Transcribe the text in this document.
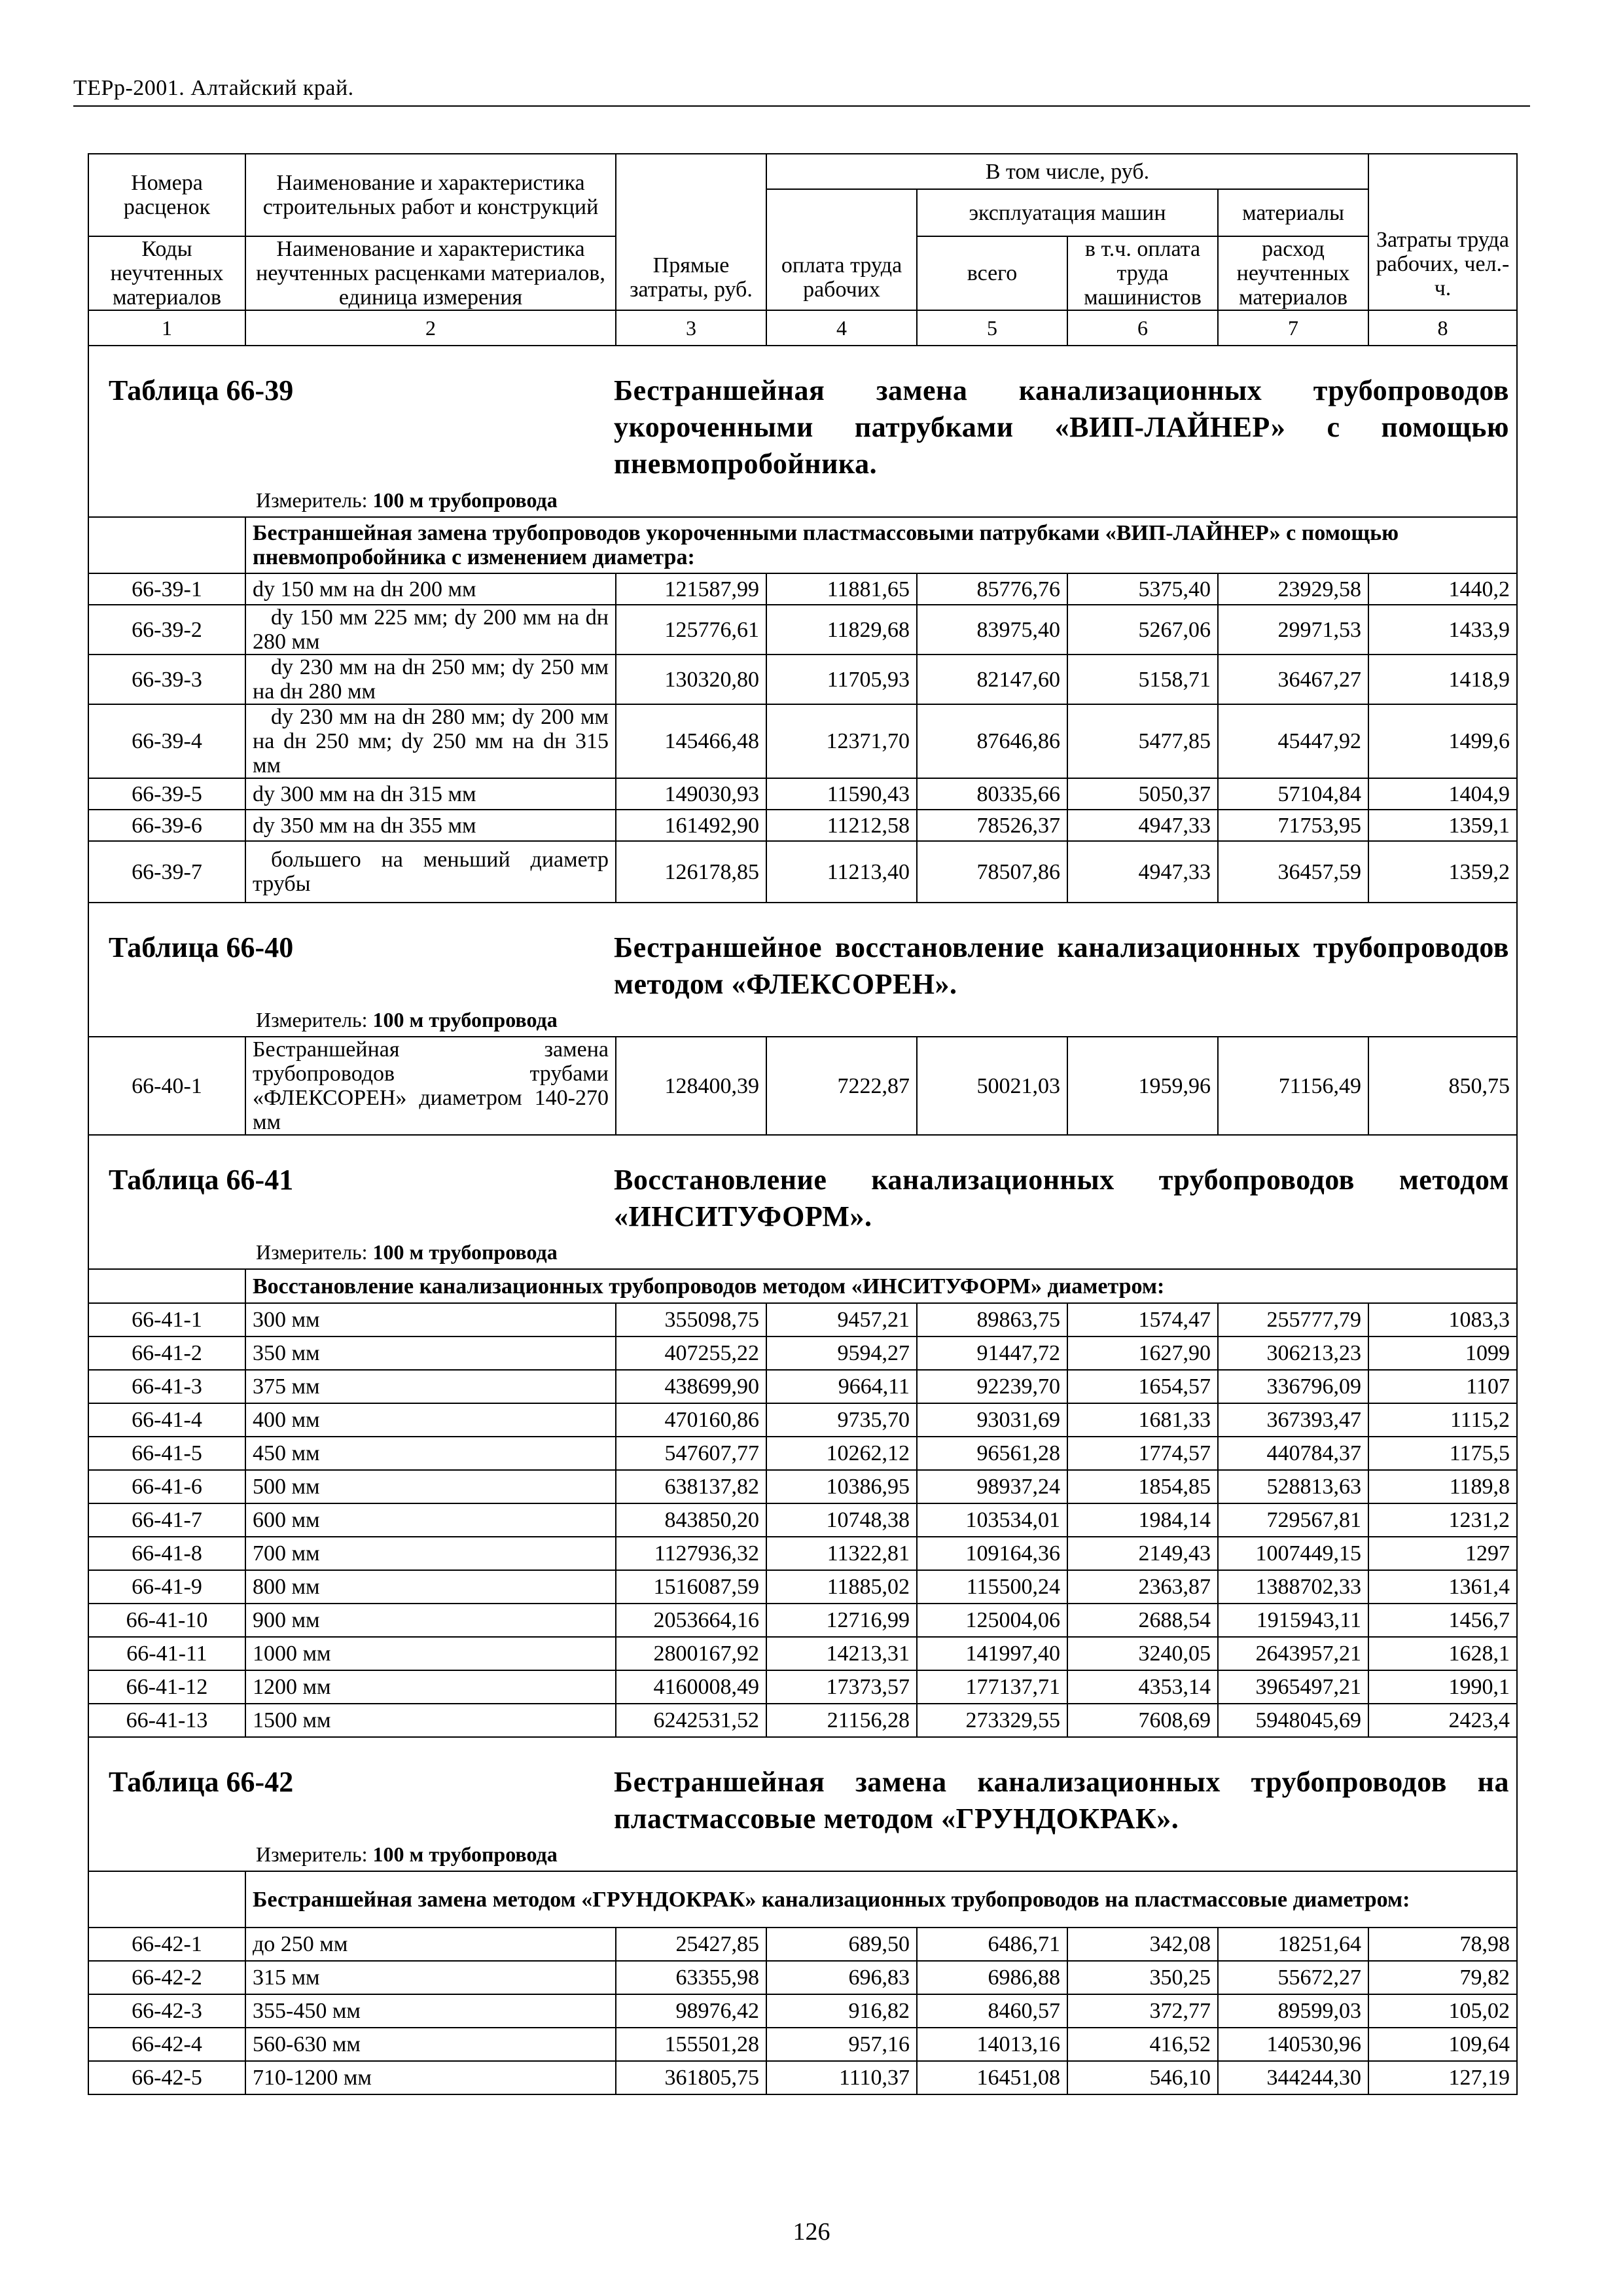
ТЕРр-2001. Алтайский край.
Номера расценок	Наименование и характеристика строительных работ и конструкций	Прямые затраты, руб.	В том числе, руб.				Затраты труда рабочих, чел.-ч.
			оплата труда рабочих	эксплуатация машин		материалы	
Коды неучтенных материалов	Наименование и характеристика неучтенных расценками материалов, единица измерения			всего	в т.ч. оплата труда машинистов	расход неучтенных материалов	
1	2	3	4	5	6	7	8

Таблица 66-39 Бестраншейная замена канализационных трубопроводов укороченными патрубками «ВИП-ЛАЙНЕР» с помощью пневмопробойника.
Измеритель: 100 м трубопровода							

	Бестраншейная замена трубопроводов укороченными пластмассовыми патрубками «ВИП-ЛАЙНЕР» с помощью пневмопробойника с изменением диаметра:						
66-39-1	dу 150 мм на dн 200 мм	121587,99	11881,65	85776,76	5375,40	23929,58	1440,2
66-39-2	dу 150 мм 225 мм; dу 200 мм на dн 280 мм	125776,61	11829,68	83975,40	5267,06	29971,53	1433,9
66-39-3	dу 230 мм на dн 250 мм; dу 250 мм на dн 280 мм	130320,80	11705,93	82147,60	5158,71	36467,27	1418,9
66-39-4	dу 230 мм на dн 280 мм; dу 200 мм на dн 250 мм; dу 250 мм на dн 315 мм	145466,48	12371,70	87646,86	5477,85	45447,92	1499,6
66-39-5	dу 300 мм на dн 315 мм	149030,93	11590,43	80335,66	5050,37	57104,84	1404,9
66-39-6	dу 350 мм на dн 355 мм	161492,90	11212,58	78526,37	4947,33	71753,95	1359,1
66-39-7	большего на меньший диаметр трубы	126178,85	11213,40	78507,86	4947,33	36457,59	1359,2

Таблица 66-40 Бестраншейное восстановление канализационных трубопроводов методом «ФЛЕКСОРЕН».
Измеритель: 100 м трубопровода							

66-40-1	Бестраншейная замена трубопроводов трубами «ФЛЕКСОРЕН» диаметром 140-270 мм	128400,39	7222,87	50021,03	1959,96	71156,49	850,75

Таблица 66-41 Восстановление канализационных трубопроводов методом «ИНСИТУФОРМ».
Измеритель: 100 м трубопровода							

	Восстановление канализационных трубопроводов методом «ИНСИТУФОРМ» диаметром:						
66-41-1	300 мм	355098,75	9457,21	89863,75	1574,47	255777,79	1083,3
66-41-2	350 мм	407255,22	9594,27	91447,72	1627,90	306213,23	1099
66-41-3	375 мм	438699,90	9664,11	92239,70	1654,57	336796,09	1107
66-41-4	400 мм	470160,86	9735,70	93031,69	1681,33	367393,47	1115,2
66-41-5	450 мм	547607,77	10262,12	96561,28	1774,57	440784,37	1175,5
66-41-6	500 мм	638137,82	10386,95	98937,24	1854,85	528813,63	1189,8
66-41-7	600 мм	843850,20	10748,38	103534,01	1984,14	729567,81	1231,2
66-41-8	700 мм	1127936,32	11322,81	109164,36	2149,43	1007449,15	1297
66-41-9	800 мм	1516087,59	11885,02	115500,24	2363,87	1388702,33	1361,4
66-41-10	900 мм	2053664,16	12716,99	125004,06	2688,54	1915943,11	1456,7
66-41-11	1000 мм	2800167,92	14213,31	141997,40	3240,05	2643957,21	1628,1
66-41-12	1200 мм	4160008,49	17373,57	177137,71	4353,14	3965497,21	1990,1
66-41-13	1500 мм	6242531,52	21156,28	273329,55	7608,69	5948045,69	2423,4

Таблица 66-42 Бестраншейная замена канализационных трубопроводов на пластмассовые методом «ГРУНДОКРАК».
Измеритель: 100 м трубопровода							

	Бестраншейная замена методом «ГРУНДОКРАК» канализационных трубопроводов на пластмассовые диаметром:						
66-42-1	до 250 мм	25427,85	689,50	6486,71	342,08	18251,64	78,98
66-42-2	315 мм	63355,98	696,83	6986,88	350,25	55672,27	79,82
66-42-3	355-450 мм	98976,42	916,82	8460,57	372,77	89599,03	105,02
66-42-4	560-630 мм	155501,28	957,16	14013,16	416,52	140530,96	109,64
66-42-5	710-1200 мм	361805,75	1110,37	16451,08	546,10	344244,30	127,19
126
